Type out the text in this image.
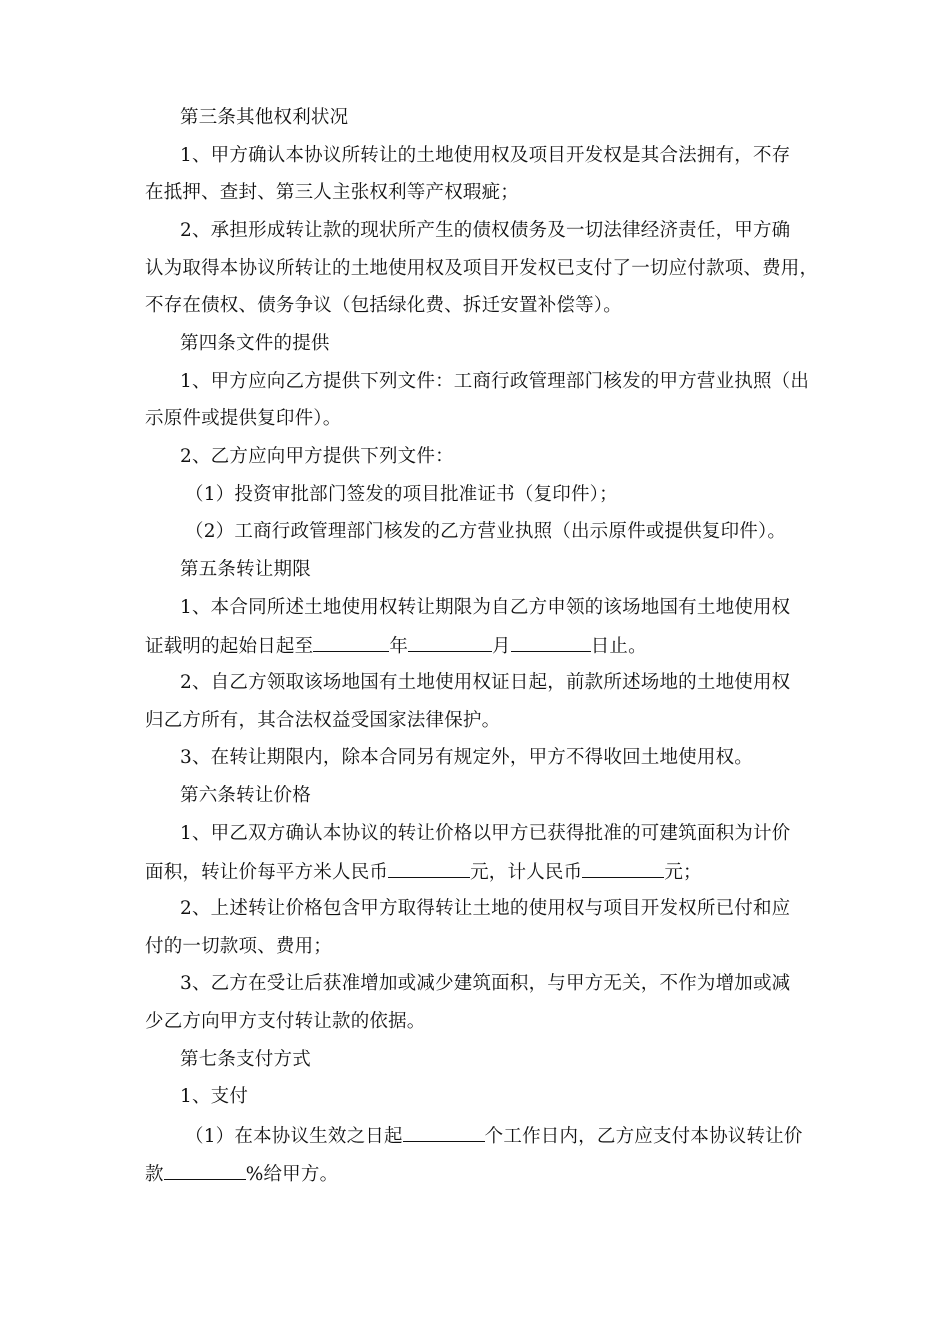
第三条其他权利状况
1、甲方确认本协议所转让的土地使用权及项目开发权是其合法拥有，不存
在抵押、查封、第三人主张权利等产权瑕疵；
2、承担形成转让款的现状所产生的债权债务及一切法律经济责任，甲方确
认为取得本协议所转让的土地使用权及项目开发权已支付了一切应付款项、费用，
不存在债权、债务争议（包括绿化费、拆迁安置补偿等）。
第四条文件的提供
1、甲方应向乙方提供下列文件：工商行政管理部门核发的甲方营业执照（出
示原件或提供复印件）。
2、乙方应向甲方提供下列文件：
（1）投资审批部门签发的项目批准证书（复印件）；
（2）工商行政管理部门核发的乙方营业执照（出示原件或提供复印件）。
第五条转让期限
1、本合同所述土地使用权转让期限为自乙方申领的该场地国有土地使用权
证载明的起始日起至	年	月	日止。
2、自乙方领取该场地国有土地使用权证日起，前款所述场地的土地使用权
归乙方所有，其合法权益受国家法律保护。
3、在转让期限内，除本合同另有规定外，甲方不得收回土地使用权。
第六条转让价格
1、甲乙双方确认本协议的转让价格以甲方已获得批准的可建筑面积为计价
面积，转让价每平方米人民币	元，计人民币	元；
2、上述转让价格包含甲方取得转让土地的使用权与项目开发权所已付和应
付的一切款项、费用；
3、乙方在受让后获准增加或减少建筑面积，与甲方无关，不作为增加或减
少乙方向甲方支付转让款的依据。
第七条支付方式
1、支付
（1）在本协议生效之日起	个工作日内，乙方应支付本协议转让价
款	%给甲方。
